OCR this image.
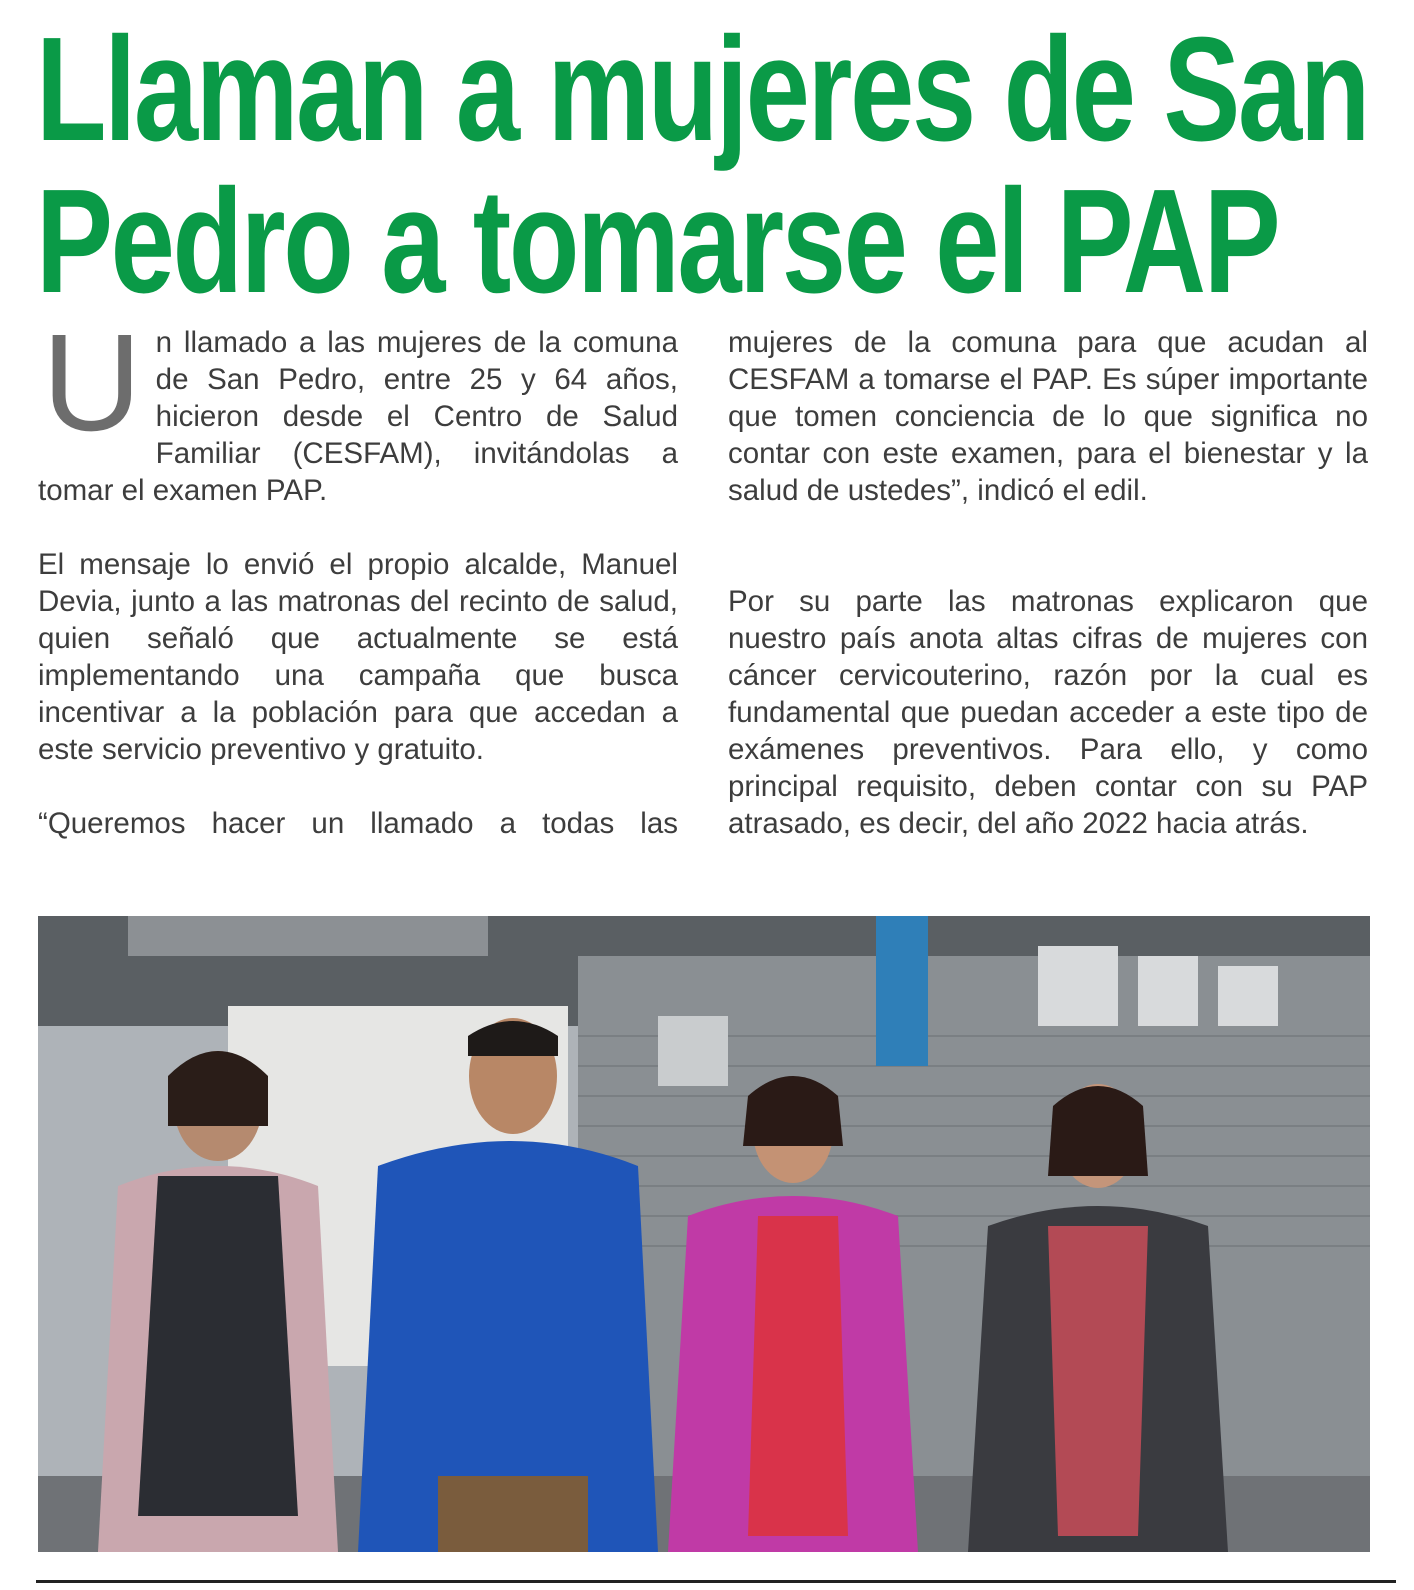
Llaman a mujeres de San
Pedro a tomarse el PAP

Un llamado a las mujeres de la comuna de San Pedro, entre 25 y 64 años, hicieron desde el Centro de Salud Familiar (CESFAM), invitándolas a tomar el examen PAP.

El mensaje lo envió el propio alcalde, Manuel Devia, junto a las matronas del recinto de salud, quien señaló que actualmente se está implementando una campaña que busca incentivar a la población para que accedan a este servicio preventivo y gratuito.

“Queremos hacer un llamado a todas las

mujeres de la comuna para que acudan al CESFAM a tomarse el PAP. Es súper importante que tomen conciencia de lo que significa no contar con este examen, para el bienestar y la salud de ustedes”, indicó el edil.

Por su parte las matronas explicaron que nuestro país anota altas cifras de mujeres con cáncer cervicouterino, razón por la cual es fundamental que puedan acceder a este tipo de exámenes preventivos. Para ello, y como principal requisito, deben contar con su PAP atrasado, es decir, del año 2022 hacia atrás.
